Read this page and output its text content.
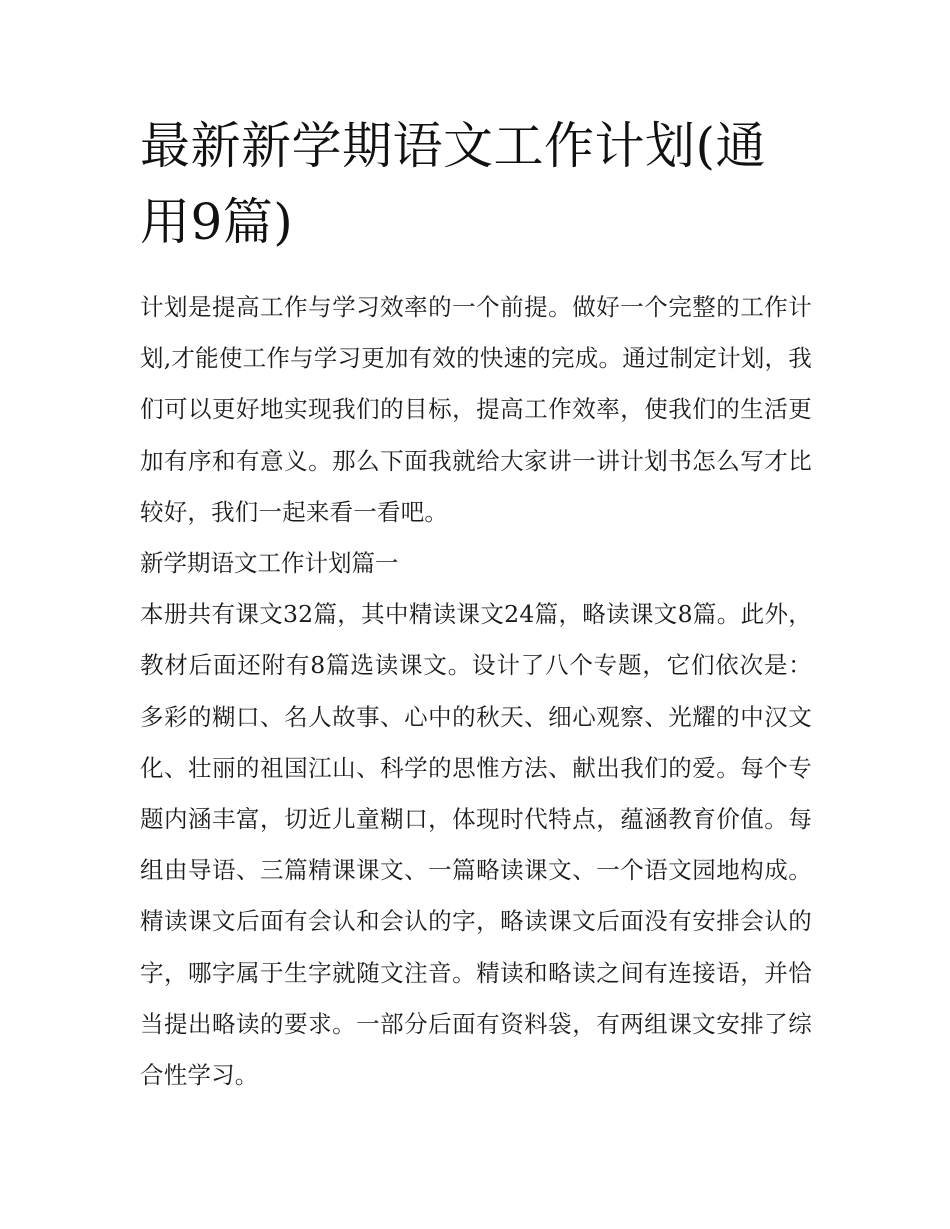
最新新学期语文工作计划(通用9篇)

计划是提高工作与学习效率的一个前提。做好一个完整的工作计划,才能使工作与学习更加有效的快速的完成。通过制定计划，我们可以更好地实现我们的目标，提高工作效率，使我们的生活更加有序和有意义。那么下面我就给大家讲一讲计划书怎么写才比较好，我们一起来看一看吧。

新学期语文工作计划篇一

本册共有课文32篇，其中精读课文24篇，略读课文8篇。此外，教材后面还附有8篇选读课文。设计了八个专题，它们依次是：多彩的糊口、名人故事、心中的秋天、细心观察、光耀的中汉文化、壮丽的祖国江山、科学的思惟方法、献出我们的爱。每个专题内涵丰富，切近儿童糊口，体现时代特点，蕴涵教育价值。每组由导语、三篇精课课文、一篇略读课文、一个语文园地构成。精读课文后面有会认和会认的字，略读课文后面没有安排会认的字，哪字属于生字就随文注音。精读和略读之间有连接语，并恰当提出略读的要求。一部分后面有资料袋，有两组课文安排了综合性学习。
